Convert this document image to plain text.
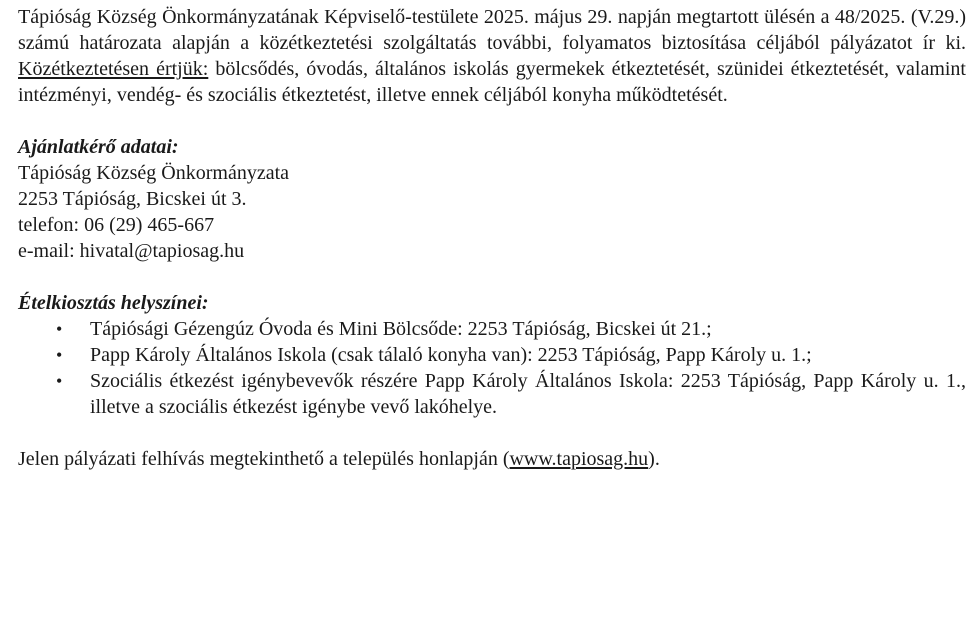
Tápióság Község Önkormányzatának Képviselő-testülete 2025. május 29. napján megtartott ülésén a 48/2025. (V.29.) számú határozata alapján a közétkeztetési szolgáltatás további, folyamatos biztosítása céljából pályázatot ír ki. Közétkeztetésen értjük: bölcsődés, óvodás, általános iskolás gyermekek étkeztetését, szünidei étkeztetését, valamint intézményi, vendég- és szociális étkeztetést, illetve ennek céljából konyha működtetését.

Ajánlatkérő adatai:

Tápióság Község Önkormányzata

2253 Tápióság, Bicskei út 3.

telefon: 06 (29) 465-667

e-mail: hivatal@tapiosag.hu

Ételkiosztás helyszínei:

• Tápiósági Gézengúz Óvoda és Mini Bölcsőde: 2253 Tápióság, Bicskei út 21.;
• Papp Károly Általános Iskola (csak tálaló konyha van): 2253 Tápióság, Papp Károly u. 1.;
• Szociális étkezést igénybevevők részére Papp Károly Általános Iskola: 2253 Tápióság, Papp Károly u. 1., illetve a szociális étkezést igénybe vevő lakóhelye.

Jelen pályázati felhívás megtekinthető a település honlapján (www.tapiosag.hu).
